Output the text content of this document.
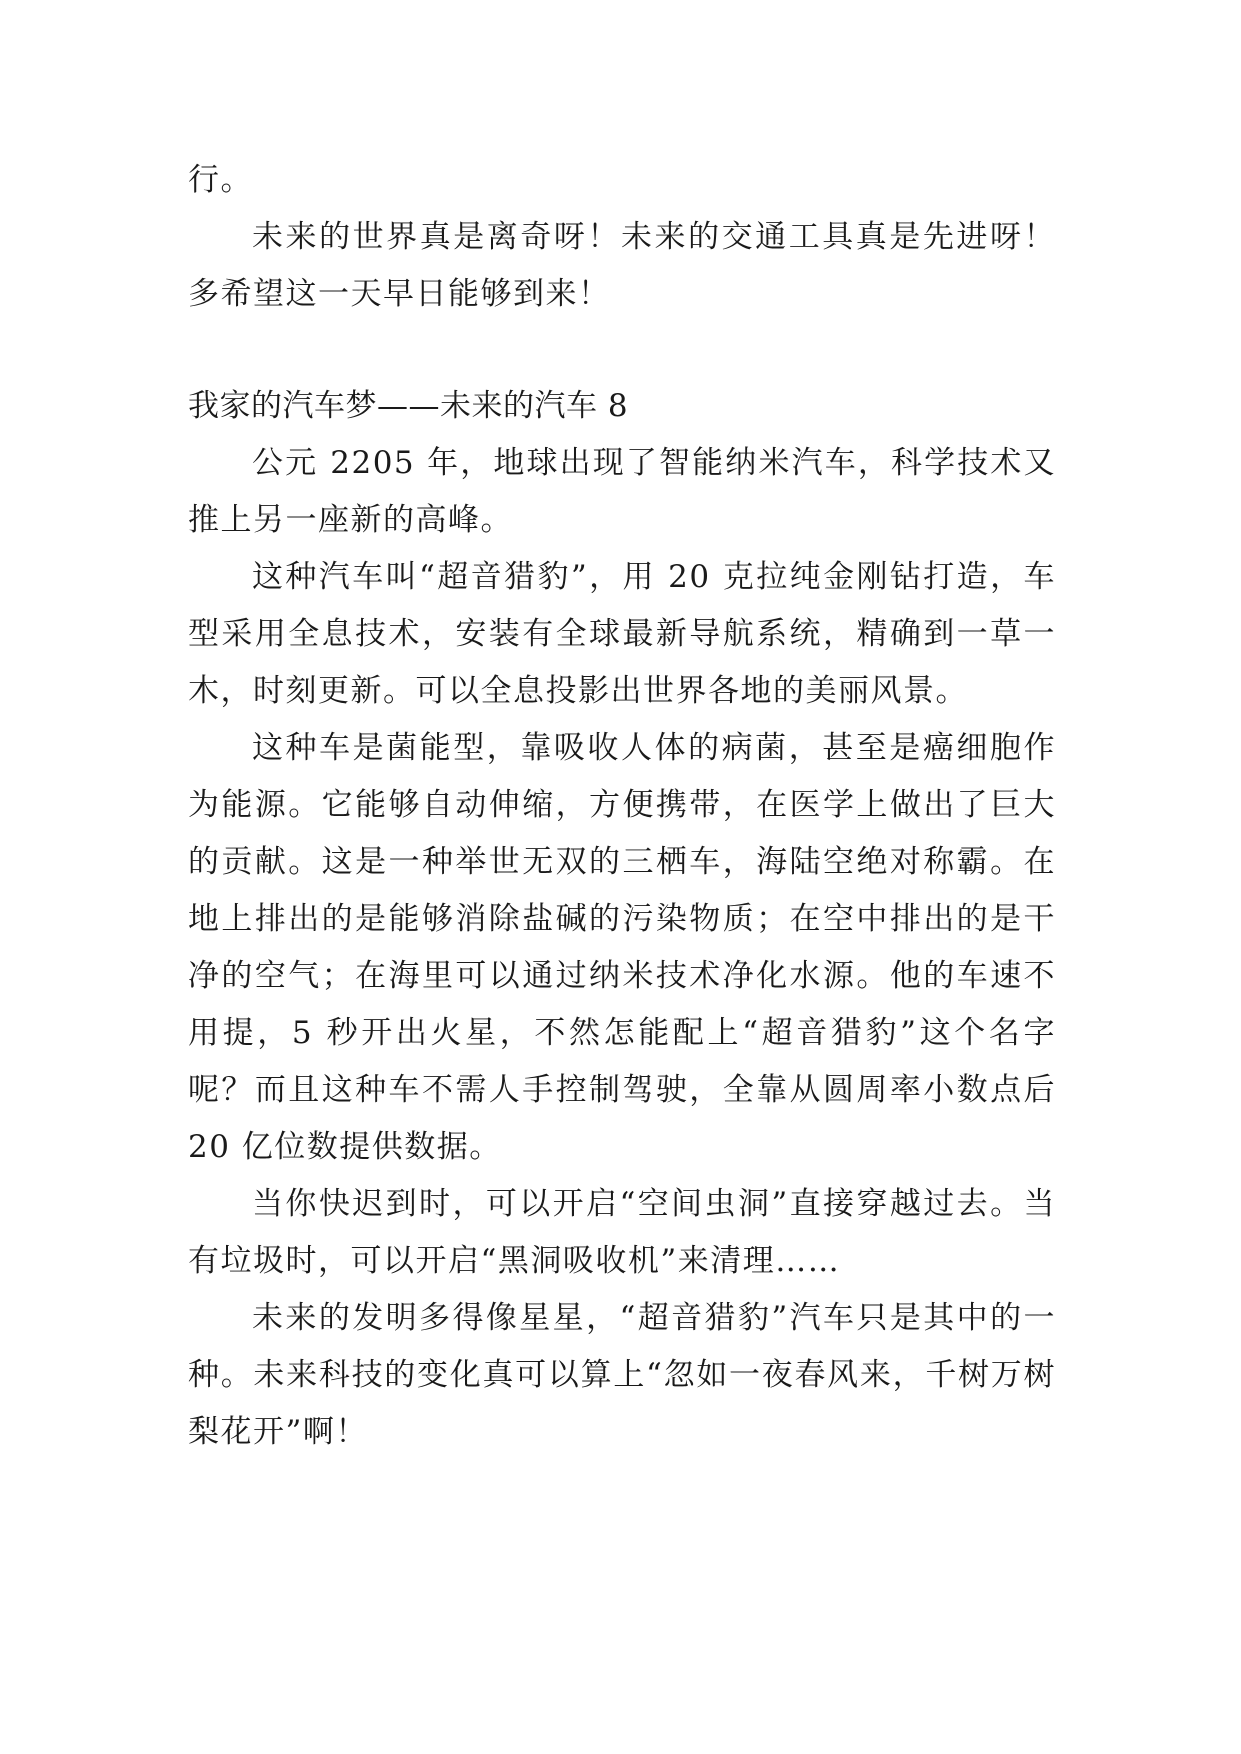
行。

未来的世界真是离奇呀！未来的交通工具真是先进呀！多希望这一天早日能够到来！

我家的汽车梦——未来的汽车 8

公元 2205 年，地球出现了智能纳米汽车，科学技术又推上另一座新的高峰。

这种汽车叫“超音猎豹”，用 20 克拉纯金刚钻打造，车型采用全息技术，安装有全球最新导航系统，精确到一草一木，时刻更新。可以全息投影出世界各地的美丽风景。

这种车是菌能型，靠吸收人体的病菌，甚至是癌细胞作为能源。它能够自动伸缩，方便携带，在医学上做出了巨大的贡献。这是一种举世无双的三栖车，海陆空绝对称霸。在地上排出的是能够消除盐碱的污染物质；在空中排出的是干净的空气；在海里可以通过纳米技术净化水源。他的车速不用提，5 秒开出火星，不然怎能配上“超音猎豹”这个名字呢？而且这种车不需人手控制驾驶，全靠从圆周率小数点后 20 亿位数提供数据。

当你快迟到时，可以开启“空间虫洞”直接穿越过去。当有垃圾时，可以开启“黑洞吸收机”来清理……

未来的发明多得像星星，“超音猎豹”汽车只是其中的一种。未来科技的变化真可以算上“忽如一夜春风来，千树万树梨花开”啊！
